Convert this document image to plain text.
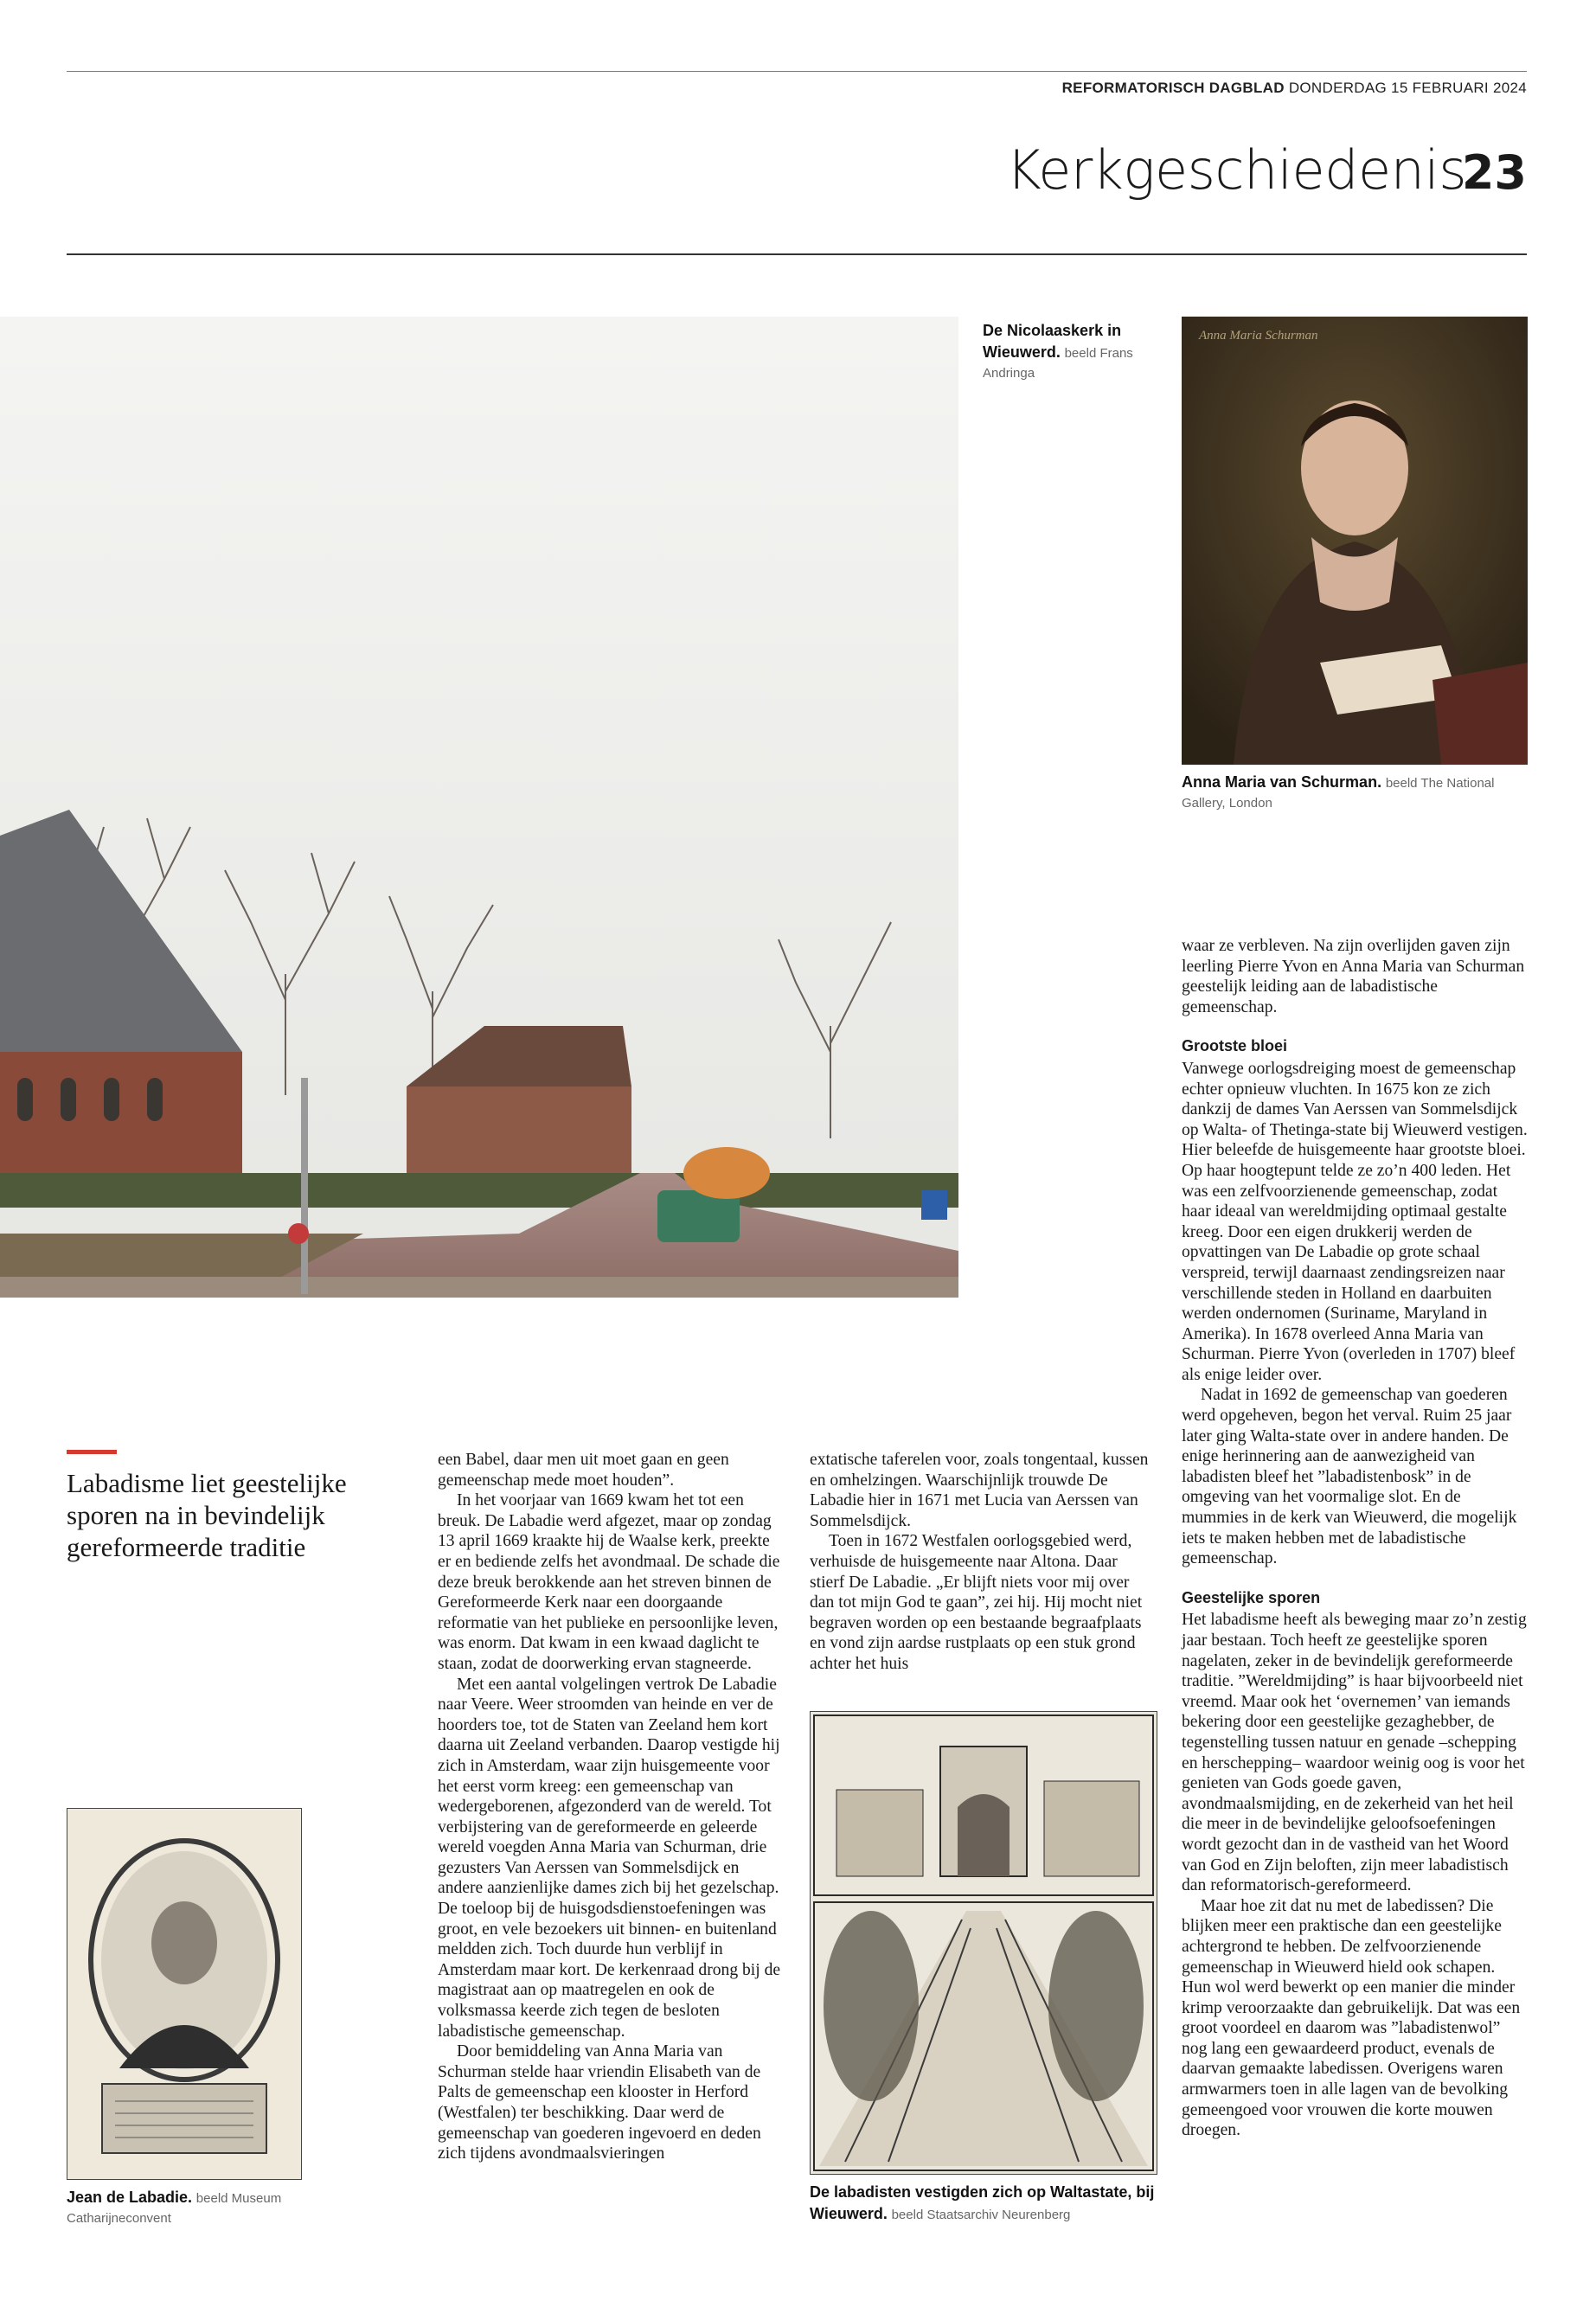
REFORMATORISCH DAGBLAD DONDERDAG 15 FEBRUARI 2024
Kerkgeschiedenis
23
De Nicolaaskerk in Wieuwerd. beeld Frans Andringa
Anna Maria Schurman
Anna Maria van Schurman. beeld The National Gallery, London
Labadisme liet geestelijke sporen na in bevindelijk gereformeerde traditie
Jean de Labadie. beeld Museum Catharijneconvent
De labadisten vestigden zich op Waltastate, bij Wieuwerd. beeld Staatsarchiv Neurenberg

een Babel, daar men uit moet gaan en geen gemeenschap mede moet houden”.

In het voorjaar van 1669 kwam het tot een breuk. De Labadie werd afgezet, maar op zondag 13 april 1669 kraakte hij de Waalse kerk, preekte er en bediende zelfs het avondmaal. De schade die deze breuk berokkende aan het streven binnen de Gereformeerde Kerk naar een doorgaande reformatie van het publieke en persoonlijke leven, was enorm. Dat kwam in een kwaad daglicht te staan, zodat de doorwerking ervan stagneerde.

Met een aantal volgelingen vertrok De Labadie naar Veere. Weer stroomden van heinde en ver de hoorders toe, tot de Staten van Zeeland hem kort daarna uit Zeeland verbanden. Daarop vestigde hij zich in Amsterdam, waar zijn huisgemeente voor het eerst vorm kreeg: een gemeenschap van wedergeborenen, afgezonderd van de wereld. Tot verbijstering van de gereformeerde en geleerde wereld voegden Anna Maria van Schurman, drie gezusters Van Aerssen van Sommelsdijck en andere aanzienlijke dames zich bij het gezelschap. De toeloop bij de huisgodsdienstoefeningen was groot, en vele bezoekers uit binnen- en buitenland meldden zich. Toch duurde hun verblijf in Amsterdam maar kort. De kerkenraad drong bij de magistraat aan op maatregelen en ook de volksmassa keerde zich tegen de besloten labadistische gemeenschap.

Door bemiddeling van Anna Maria van Schurman stelde haar vriendin Elisabeth van de Palts de gemeenschap een klooster in Herford (Westfalen) ter beschikking. Daar werd de gemeenschap van goederen ingevoerd en deden zich tijdens avondmaalsvieringen

extatische taferelen voor, zoals tongentaal, kussen en omhelzingen. Waarschijnlijk trouwde De Labadie hier in 1671 met Lucia van Aerssen van Sommelsdijck.

Toen in 1672 Westfalen oorlogsgebied werd, verhuisde de huisgemeente naar Altona. Daar stierf De Labadie. „Er blijft niets voor mij over dan tot mijn God te gaan”, zei hij. Hij mocht niet begraven worden op een bestaande begraafplaats en vond zijn aardse rustplaats op een stuk grond achter het huis

waar ze verbleven. Na zijn overlijden gaven zijn leerling Pierre Yvon en Anna Maria van Schurman geestelijk leiding aan de labadistische gemeenschap.

Grootste bloei

Vanwege oorlogsdreiging moest de gemeenschap echter opnieuw vluchten. In 1675 kon ze zich dankzij de dames Van Aerssen van Sommelsdijck op Walta- of Thetinga-state bij Wieuwerd vestigen. Hier beleefde de huisgemeente haar grootste bloei. Op haar hoogtepunt telde ze zo’n 400 leden. Het was een zelfvoorzienende gemeenschap, zodat haar ideaal van wereldmijding optimaal gestalte kreeg. Door een eigen drukkerij werden de opvattingen van De Labadie op grote schaal verspreid, terwijl daarnaast zendingsreizen naar verschillende steden in Holland en daarbuiten werden ondernomen (Suriname, Maryland in Amerika). In 1678 overleed Anna Maria van Schurman. Pierre Yvon (overleden in 1707) bleef als enige leider over.

Nadat in 1692 de gemeenschap van goederen werd opgeheven, begon het verval. Ruim 25 jaar later ging Walta-state over in andere handen. De enige herinnering aan de aanwezigheid van labadisten bleef het ”labadistenbosk” in de omgeving van het voormalige slot. En de mummies in de kerk van Wieuwerd, die mogelijk iets te maken hebben met de labadistische gemeenschap.

Geestelijke sporen

Het labadisme heeft als beweging maar zo’n zestig jaar bestaan. Toch heeft ze geestelijke sporen nagelaten, zeker in de bevindelijk gereformeerde traditie. ”Wereldmijding” is haar bijvoorbeeld niet vreemd. Maar ook het ‘overnemen’ van iemands bekering door een geestelijke gezaghebber, de tegenstelling tussen natuur en genade –schepping en herschepping– waardoor weinig oog is voor het genieten van Gods goede gaven, avondmaalsmijding, en de zekerheid van het heil die meer in de bevindelijke geloofsoefeningen wordt gezocht dan in de vastheid van het Woord van God en Zijn beloften, zijn meer labadistisch dan reformatorisch-gereformeerd.

Maar hoe zit dat nu met de labedissen? Die blijken meer een praktische dan een geestelijke achtergrond te hebben. De zelfvoorzienende gemeenschap in Wieuwerd hield ook schapen. Hun wol werd bewerkt op een manier die minder krimp veroorzaakte dan gebruikelijk. Dat was een groot voordeel en daarom was ”labadistenwol” nog lang een gewaardeerd product, evenals de daarvan gemaakte labedissen. Overigens waren armwarmers toen in alle lagen van de bevolking gemeengoed voor vrouwen die korte mouwen droegen.
